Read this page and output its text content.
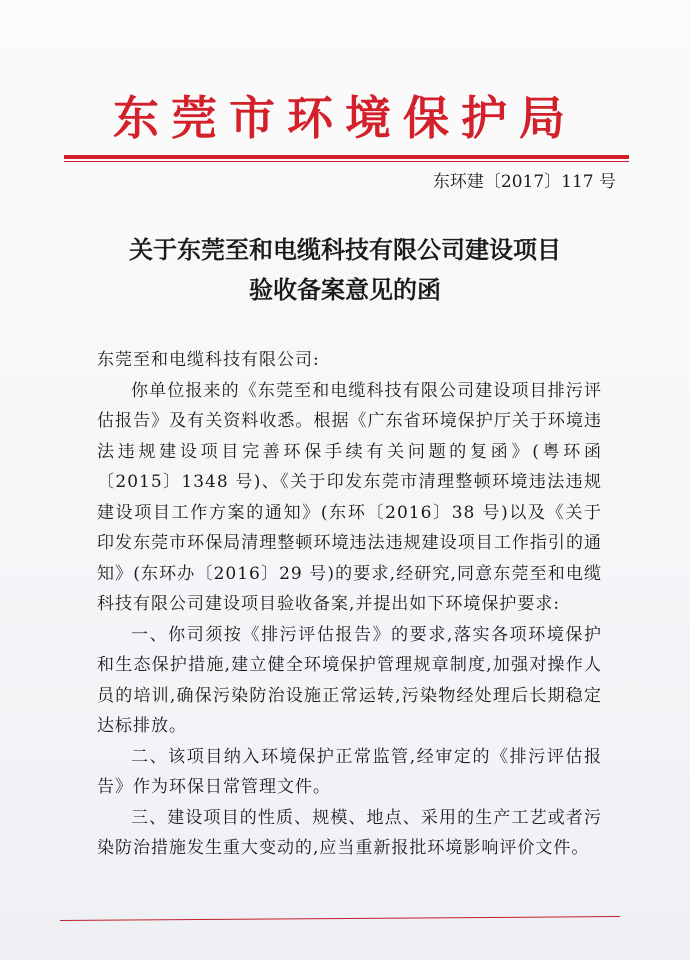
东莞市环境保护局
东环建〔2017〕117 号
关于东莞至和电缆科技有限公司建设项目
验收备案意见的函

东莞至和电缆科技有限公司:

你单位报来的《东莞至和电缆科技有限公司建设项目排污评估报告》及有关资料收悉。根据《广东省环境保护厅关于环境违法违规建设项目完善环保手续有关问题的复函》(粤环函〔2015〕1348 号)、《关于印发东莞市清理整顿环境违法违规建设项目工作方案的通知》(东环〔2016〕38 号)以及《关于印发东莞市环保局清理整顿环境违法违规建设项目工作指引的通知》(东环办〔2016〕29 号)的要求,经研究,同意东莞至和电缆科技有限公司建设项目验收备案,并提出如下环境保护要求:

一、你司须按《排污评估报告》的要求,落实各项环境保护和生态保护措施,建立健全环境保护管理规章制度,加强对操作人员的培训,确保污染防治设施正常运转,污染物经处理后长期稳定达标排放。

二、该项目纳入环境保护正常监管,经审定的《排污评估报告》作为环保日常管理文件。

三、建设项目的性质、规模、地点、采用的生产工艺或者污染防治措施发生重大变动的,应当重新报批环境影响评价文件。
